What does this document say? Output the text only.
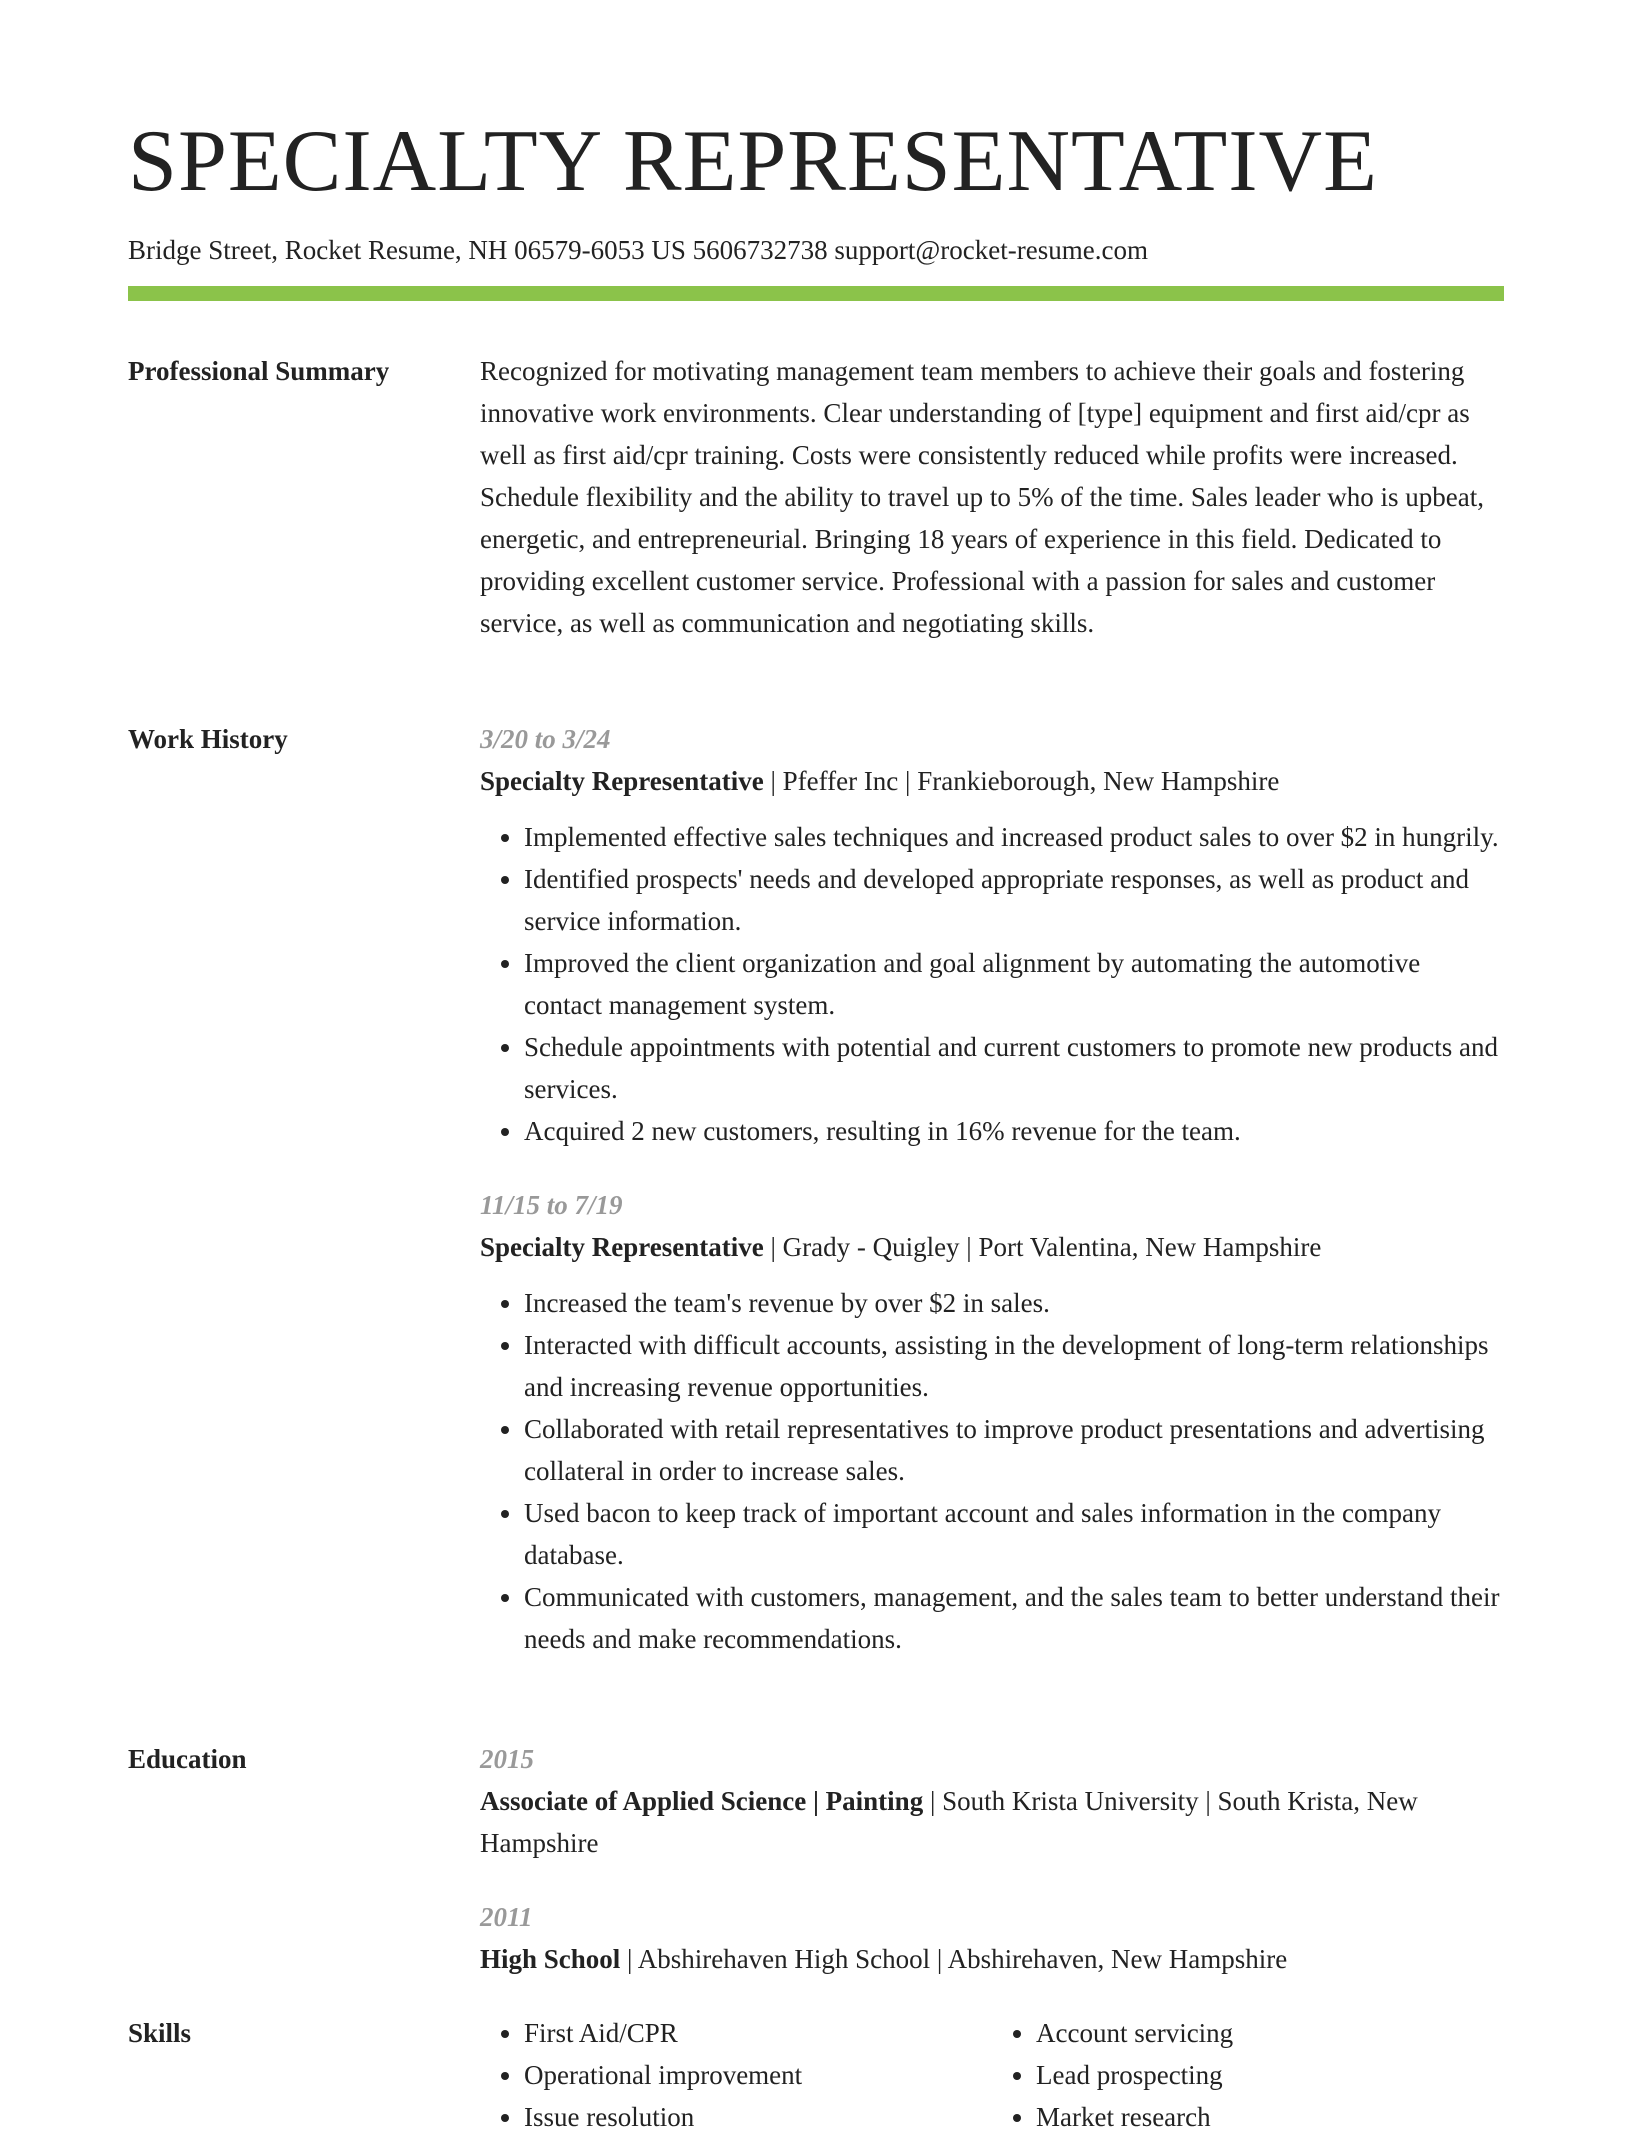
SPECIALTY REPRESENTATIVE
Bridge Street, Rocket Resume, NH 06579-6053 US 5606732738 support@rocket-resume.com
Professional Summary	Recognized for motivating management team members to achieve their goals and fostering innovative work environments. Clear understanding of [type] equipment and first aid/cpr as well as first aid/cpr training. Costs were consistently reduced while profits were increased. Schedule flexibility and the ability to travel up to 5% of the time. Sales leader who is upbeat, energetic, and entrepreneurial. Bringing 18 years of experience in this field. Dedicated to providing excellent customer service. Professional with a passion for sales and customer service, as well as communication and negotiating skills.

Work History	3/20 to 3/24
Specialty Representative | Pfeffer Inc | Frankieborough, New Hampshire
• Implemented effective sales techniques and increased product sales to over $2 in hungrily.
• Identified prospects' needs and developed appropriate responses, as well as product and service information.
• Improved the client organization and goal alignment by automating the automotive contact management system.
• Schedule appointments with potential and current customers to promote new products and services.
• Acquired 2 new customers, resulting in 16% revenue for the team.
11/15 to 7/19
Specialty Representative | Grady - Quigley | Port Valentina, New Hampshire
• Increased the team's revenue by over $2 in sales.
• Interacted with difficult accounts, assisting in the development of long-term relationships and increasing revenue opportunities.
• Collaborated with retail representatives to improve product presentations and advertising collateral in order to increase sales.
• Used bacon to keep track of important account and sales information in the company database.
• Communicated with customers, management, and the sales team to better understand their needs and make recommendations.
Education	2015
Associate of Applied Science | Painting | South Krista University | South Krista, New Hampshire
2011
High School | Abshirehaven High School | Abshirehaven, New Hampshire
Skills
•	First Aid/CPR
• Operational improvement
• Issue resolution
• Account servicing
• Lead prospecting
• Market research
